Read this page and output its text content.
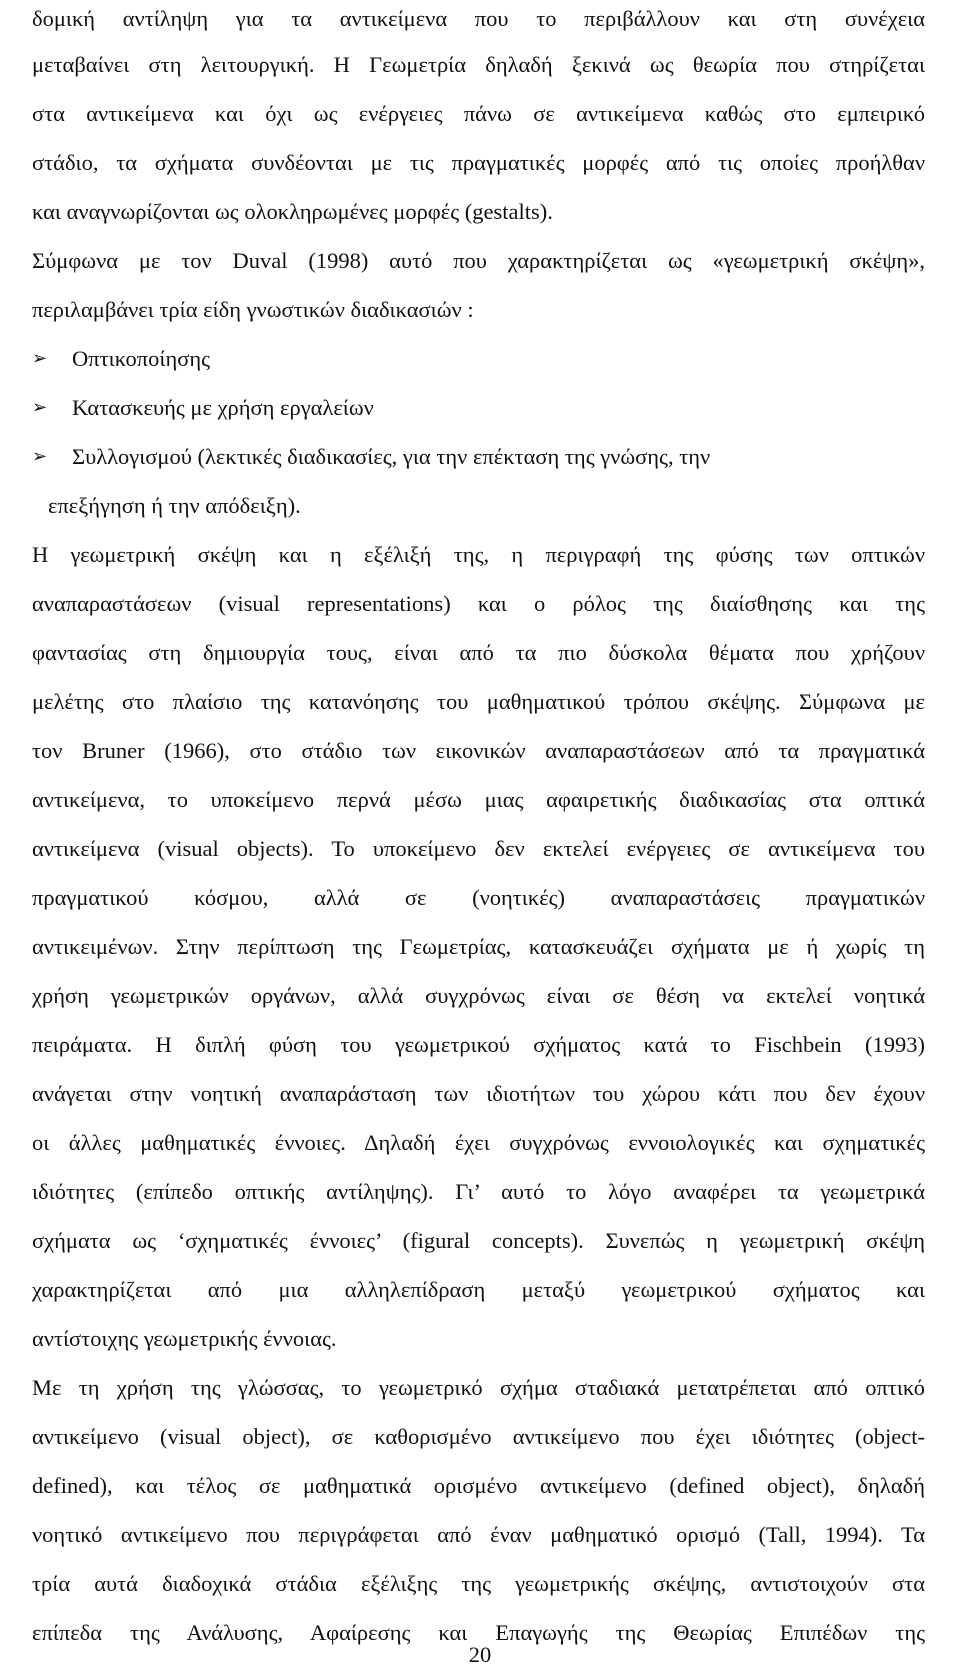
δομική αντίληψη για τα αντικείμενα που το περιβάλλουν και στη συνέχεια
μεταβαίνει στη λειτουργική. Η Γεωμετρία δηλαδή ξεκινά ως θεωρία που στηρίζεται
στα αντικείμενα και όχι ως ενέργειες πάνω σε αντικείμενα καθώς στο εμπειρικό
στάδιο, τα σχήματα συνδέονται με τις πραγματικές μορφές από τις οποίες προήλθαν
και αναγνωρίζονται ως ολοκληρωμένες μορφές (gestalts).
Σύμφωνα με τον Duval (1998) αυτό που χαρακτηρίζεται ως «γεωμετρική σκέψη»,
περιλαμβάνει τρία είδη γνωστικών διαδικασιών :
➢	Οπτικοποίησης
➢	Κατασκευής με χρήση εργαλείων
➢	Συλλογισμού (λεκτικές διαδικασίες, για την επέκταση της γνώσης, την
επεξήγηση ή την απόδειξη).
Η γεωμετρική σκέψη και η εξέλιξή της, η περιγραφή της φύσης των οπτικών
αναπαραστάσεων (visual representations) και ο ρόλος της διαίσθησης και της
φαντασίας στη δημιουργία τους, είναι από τα πιο δύσκολα θέματα που χρήζουν
μελέτης στο πλαίσιο της κατανόησης του μαθηματικού τρόπου σκέψης. Σύμφωνα με
τον Bruner (1966), στο στάδιο των εικονικών αναπαραστάσεων από τα πραγματικά
αντικείμενα, το υποκείμενο περνά μέσω μιας αφαιρετικής διαδικασίας στα οπτικά
αντικείμενα (visual objects). Το υποκείμενο δεν εκτελεί ενέργειες σε αντικείμενα του
πραγματικού κόσμου, αλλά σε (νοητικές) αναπαραστάσεις πραγματικών
αντικειμένων. Στην περίπτωση της Γεωμετρίας, κατασκευάζει σχήματα με ή χωρίς τη
χρήση γεωμετρικών οργάνων, αλλά συγχρόνως είναι σε θέση να εκτελεί νοητικά
πειράματα. Η διπλή φύση του γεωμετρικού σχήματος κατά το Fischbein (1993)
ανάγεται στην νοητική αναπαράσταση των ιδιοτήτων του χώρου κάτι που δεν έχουν
οι άλλες μαθηματικές έννοιες. Δηλαδή έχει συγχρόνως εννοιολογικές και σχηματικές
ιδιότητες (επίπεδο οπτικής αντίληψης). Γι’ αυτό το λόγο αναφέρει τα γεωμετρικά
σχήματα ως ‘σχηματικές έννοιες’ (figural concepts). Συνεπώς η γεωμετρική σκέψη
χαρακτηρίζεται από μια αλληλεπίδραση μεταξύ γεωμετρικού σχήματος και
αντίστοιχης γεωμετρικής έννοιας.
Με τη χρήση της γλώσσας, το γεωμετρικό σχήμα σταδιακά μετατρέπεται από οπτικό
αντικείμενο (visual object), σε καθορισμένο αντικείμενο που έχει ιδιότητες (object-
defined), και τέλος σε μαθηματικά ορισμένο αντικείμενο (defined object), δηλαδή
νοητικό αντικείμενο που περιγράφεται από έναν μαθηματικό ορισμό (Tall, 1994). Τα
τρία αυτά διαδοχικά στάδια εξέλιξης της γεωμετρικής σκέψης, αντιστοιχούν στα
επίπεδα της Ανάλυσης, Αφαίρεσης και Επαγωγής της Θεωρίας Επιπέδων της
20
